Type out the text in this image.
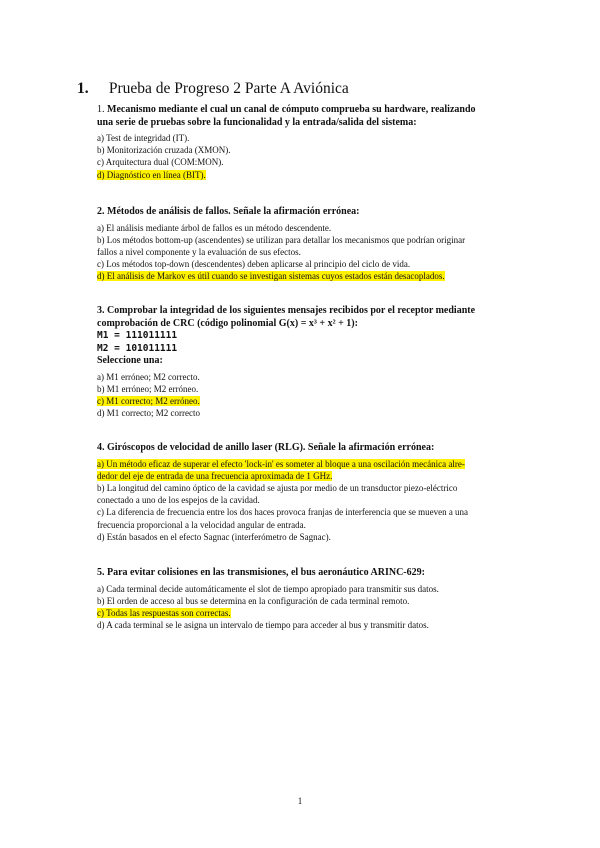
1. Prueba de Progreso 2 Parte A Aviónica
1. Mecanismo mediante el cual un canal de cómputo comprueba su hardware, realizando
una serie de pruebas sobre la funcionalidad y la entrada/salida del sistema:
a) Test de integridad (IT).
b) Monitorización cruzada (XMON).
c) Arquitectura dual (COM:MON).
d) Diagnóstico en línea (BIT).
2. Métodos de análisis de fallos. Señale la afirmación errónea:
a) El análisis mediante árbol de fallos es un método descendente.
b) Los métodos bottom-up (ascendentes) se utilizan para detallar los mecanismos que podrían originar
fallos a nivel componente y la evaluación de sus efectos.
c) Los métodos top-down (descendentes) deben aplicarse al principio del ciclo de vida.
d) El análisis de Markov es útil cuando se investigan sistemas cuyos estados están desacoplados.
3. Comprobar la integridad de los siguientes mensajes recibidos por el receptor mediante
comprobación de CRC (código polinomial G(x) = x³ + x² + 1):
M1 = 111011111
M2 = 101011111
Seleccione una:
a) M1 erróneo; M2 correcto.
b) M1 erróneo; M2 erróneo.
c) M1 correcto; M2 erróneo.
d) M1 correcto; M2 correcto
4. Giróscopos de velocidad de anillo laser (RLG). Señale la afirmación errónea:
a) Un método eficaz de superar el efecto 'lock-in' es someter al bloque a una oscilación mecánica alre-
dedor del eje de entrada de una frecuencia aproximada de 1 GHz.
b) La longitud del camino óptico de la cavidad se ajusta por medio de un transductor piezo-eléctrico
conectado a uno de los espejos de la cavidad.
c) La diferencia de frecuencia entre los dos haces provoca franjas de interferencia que se mueven a una
frecuencia proporcional a la velocidad angular de entrada.
d) Están basados en el efecto Sagnac (interferómetro de Sagnac).
5. Para evitar colisiones en las transmisiones, el bus aeronáutico ARINC-629:
a) Cada terminal decide automáticamente el slot de tiempo apropiado para transmitir sus datos.
b) El orden de acceso al bus se determina en la configuración de cada terminal remoto.
c) Todas las respuestas son correctas.
d) A cada terminal se le asigna un intervalo de tiempo para acceder al bus y transmitir datos.
1
